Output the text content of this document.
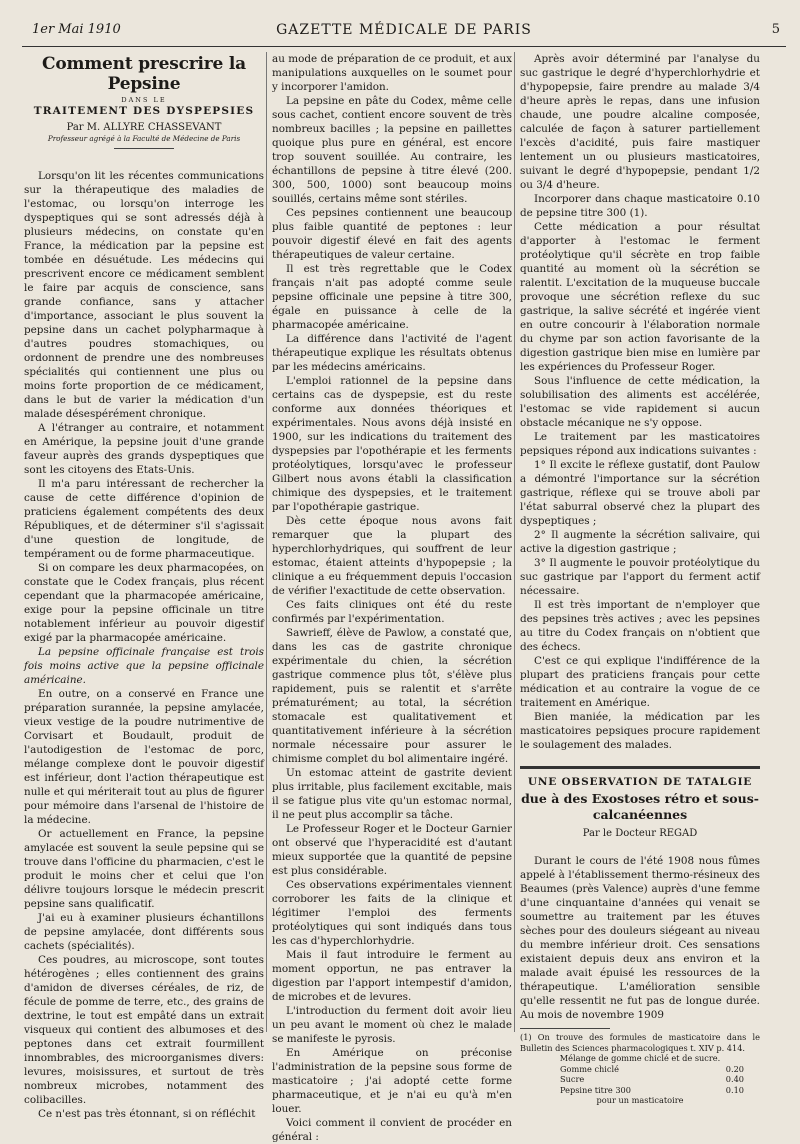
1er Mai 1910	GAZETTE MÉDICALE DE PARIS	5
Comment prescrire la Pepsine
DANS LE
TRAITEMENT DES DYSPEPSIES
Par M. ALLYRE CHASSEVANT
Professeur agrégé à la Faculté de Médecine de Paris

Lorsqu'on lit les récentes communications sur la thérapeutique des maladies de l'estomac, ou lorsqu'on interroge les dyspeptiques qui se sont adressés déjà à plusieurs médecins, on constate qu'en France, la médication par la pepsine est tombée en désuétude. Les médecins qui prescrivent encore ce médicament semblent le faire par acquis de conscience, sans grande confiance, sans y attacher d'importance, associant le plus souvent la pepsine dans un cachet polypharmaque à d'autres poudres stomachiques, ou ordonnent de prendre une des nombreuses spécialités qui contiennent une plus ou moins forte proportion de ce médicament, dans le but de varier la médication d'un malade désespérément chronique.

A l'étranger au contraire, et notamment en Amérique, la pepsine jouit d'une grande faveur auprès des grands dyspeptiques que sont les citoyens des Etats-Unis.

Il m'a paru intéressant de rechercher la cause de cette différence d'opinion de praticiens également compétents des deux Républiques, et de déterminer s'il s'agissait d'une question de longitude, de tempérament ou de forme pharmaceutique.

Si on compare les deux pharmacopées, on constate que le Codex français, plus récent cependant que la pharmacopée américaine, exige pour la pepsine officinale un titre notablement inférieur au pouvoir digestif exigé par la pharmacopée américaine.

La pepsine officinale française est trois fois moins active que la pepsine officinale américaine.

En outre, on a conservé en France une préparation surannée, la pepsine amylacée, vieux vestige de la poudre nutrimentive de Corvisart et Boudault, produit de l'autodigestion de l'estomac de porc, mélange complexe dont le pouvoir digestif est inférieur, dont l'action thérapeutique est nulle et qui mériterait tout au plus de figurer pour mémoire dans l'arsenal de l'histoire de la médecine.

Or actuellement en France, la pepsine amylacée est souvent la seule pepsine qui se trouve dans l'officine du pharmacien, c'est le produit le moins cher et celui que l'on délivre toujours lorsque le médecin prescrit pepsine sans qualificatif.

J'ai eu à examiner plusieurs échantillons de pepsine amylacée, dont différents sous cachets (spécialités).

Ces poudres, au microscope, sont toutes hétérogènes ; elles contiennent des grains d'amidon de diverses céréales, de riz, de fécule de pomme de terre, etc., des grains de dextrine, le tout est empâté dans un extrait visqueux qui contient des albumoses et des peptones dans cet extrait fourmillent innombrables, des microorganismes divers: levures, moisissures, et surtout de très nombreux microbes, notamment des colibacilles.

Ce n'est pas très étonnant, si on réfléchit

au mode de préparation de ce produit, et aux manipulations auxquelles on le soumet pour y incorporer l'amidon.

La pepsine en pâte du Codex, même celle sous cachet, contient encore souvent de très nombreux bacilles ; la pepsine en paillettes quoique plus pure en général, est encore trop souvent souillée. Au contraire, les échantillons de pepsine à titre élevé (200. 300, 500, 1000) sont beaucoup moins souillés, certains même sont stériles.

Ces pepsines contiennent une beaucoup plus faible quantité de peptones : leur pouvoir digestif élevé en fait des agents thérapeutiques de valeur certaine.

Il est très regrettable que le Codex français n'ait pas adopté comme seule pepsine officinale une pepsine à titre 300, égale en puissance à celle de la pharmacopée américaine.

La différence dans l'activité de l'agent thérapeutique explique les résultats obtenus par les médecins américains.

L'emploi rationnel de la pepsine dans certains cas de dyspepsie, est du reste conforme aux données théoriques et expérimentales. Nous avons déjà insisté en 1900, sur les indications du traitement des dyspepsies par l'opothérapie et les ferments protéolytiques, lorsqu'avec le professeur Gilbert nous avons établi la classification chimique des dyspepsies, et le traitement par l'opothérapie gastrique.

Dès cette époque nous avons fait remarquer que la plupart des hyperchlorhydriques, qui souffrent de leur estomac, étaient atteints d'hypopepsie ; la clinique a eu fréquemment depuis l'occasion de vérifier l'exactitude de cette observation.

Ces faits cliniques ont été du reste confirmés par l'expérimentation.

Sawrieff, élève de Pawlow, a constaté que, dans les cas de gastrite chronique expérimentale du chien, la sécrétion gastrique commence plus tôt, s'élève plus rapidement, puis se ralentit et s'arrête prématurément; au total, la sécrétion stomacale est qualitativement et quantitativement inférieure à la sécrétion normale nécessaire pour assurer le chimisme complet du bol alimentaire ingéré.

Un estomac atteint de gastrite devient plus irritable, plus facilement excitable, mais il se fatigue plus vite qu'un estomac normal, il ne peut plus accomplir sa tâche.

Le Professeur Roger et le Docteur Garnier ont observé que l'hyperacidité est d'autant mieux supportée que la quantité de pepsine est plus considérable.

Ces observations expérimentales viennent corroborer les faits de la clinique et légitimer l'emploi des ferments protéolytiques qui sont indiqués dans tous les cas d'hyperchlorhydrie.

Mais il faut introduire le ferment au moment opportun, ne pas entraver la digestion par l'apport intempestif d'amidon, de microbes et de levures.

L'introduction du ferment doit avoir lieu un peu avant le moment où chez le malade se manifeste le pyrosis.

En Amérique on préconise l'administration de la pepsine sous forme de masticatoire ; j'ai adopté cette forme pharmaceutique, et je n'ai eu qu'à m'en louer.

Voici comment il convient de procéder en général :

Après avoir déterminé par l'analyse du suc gastrique le degré d'hyperchlorhydrie et d'hypopepsie, faire prendre au malade 3/4 d'heure après le repas, dans une infusion chaude, une poudre alcaline composée, calculée de façon à saturer partiellement l'excès d'acidité, puis faire mastiquer lentement un ou plusieurs masticatoires, suivant le degré d'hypopepsie, pendant 1/2 ou 3/4 d'heure.

Incorporer dans chaque masticatoire 0.10 de pepsine titre 300 (1).

Cette médication a pour résultat d'apporter à l'estomac le ferment protéolytique qu'il sécrète en trop faible quantité au moment où la sécrétion se ralentit. L'excitation de la muqueuse buccale provoque une sécrétion reflexe du suc gastrique, la salive sécrété et ingérée vient en outre concourir à l'élaboration normale du chyme par son action favorisante de la digestion gastrique bien mise en lumière par les expériences du Professeur Roger.

Sous l'influence de cette médication, la solubilisation des aliments est accélérée, l'estomac se vide rapidement si aucun obstacle mécanique ne s'y oppose.

Le traitement par les masticatoires pepsiques répond aux indications suivantes :

1° Il excite le réflexe gustatif, dont Paulow a démontré l'importance sur la sécrétion gastrique, réflexe qui se trouve aboli par l'état saburral observé chez la plupart des dyspeptiques ;

2° Il augmente la sécrétion salivaire, qui active la digestion gastrique ;

3° Il augmente le pouvoir protéolytique du suc gastrique par l'apport du ferment actif nécessaire.

Il est très important de n'employer que des pepsines très actives ; avec les pepsines au titre du Codex français on n'obtient que des échecs.

C'est ce qui explique l'indifférence de la plupart des praticiens français pour cette médication et au contraire la vogue de ce traitement en Amérique.

Bien maniée, la médication par les masticatoires pepsiques procure rapidement le soulagement des malades.

UNE OBSERVATION DE TATALGIE
due à des Exostoses rétro et sous-calcanéennes
Par le Docteur REGAD

Durant le cours de l'été 1908 nous fûmes appelé à l'établissement thermo-résineux des Beaumes (près Valence) auprès d'une femme d'une cinquantaine d'années qui venait se soumettre au traitement par les étuves sèches pour des douleurs siégeant au niveau du membre inférieur droit. Ces sensations existaient depuis deux ans environ et la malade avait épuisé les ressources de la thérapeutique. L'amélioration sensible qu'elle ressentit ne fut pas de longue durée. Au mois de novembre 1909

(1) On trouve des formules de masticatoire dans le Bulletin des Sciences pharmacologiques t. XIV p. 414.
Mélange de gomme chiclé et de sucre.
Gomme chiclé	0.20
Sucre	0.40
Pepsine titre 300	0.10
pour un masticatoire
